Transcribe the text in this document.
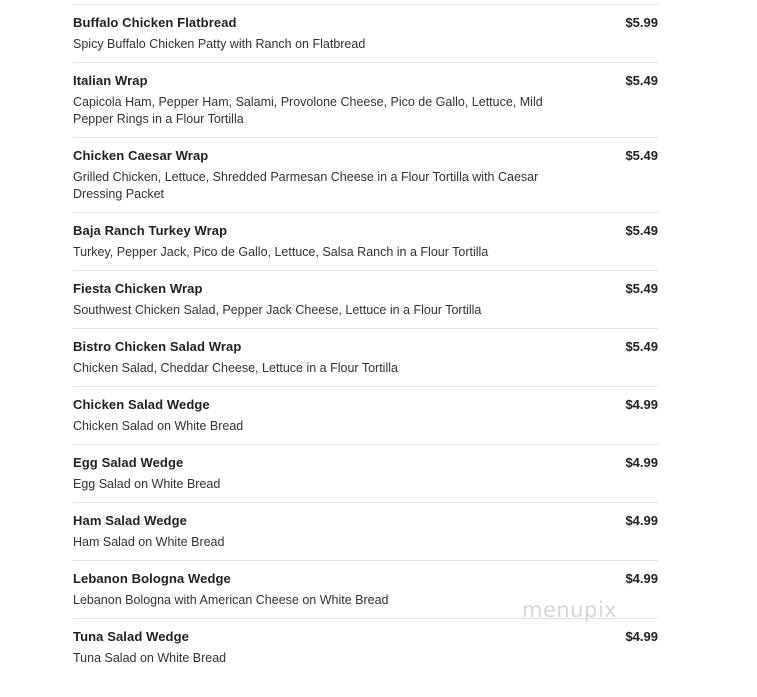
Buffalo Chicken Flatbread	$5.99
Spicy Buffalo Chicken Patty with Ranch on Flatbread
Italian Wrap	$5.49
Capicola Ham, Pepper Ham, Salami, Provolone Cheese, Pico de Gallo, Lettuce, Mild Pepper Rings in a Flour Tortilla
Chicken Caesar Wrap	$5.49
Grilled Chicken, Lettuce, Shredded Parmesan Cheese in a Flour Tortilla with Caesar Dressing Packet
Baja Ranch Turkey Wrap	$5.49
Turkey, Pepper Jack, Pico de Gallo, Lettuce, Salsa Ranch in a Flour Tortilla
Fiesta Chicken Wrap	$5.49
Southwest Chicken Salad, Pepper Jack Cheese, Lettuce in a Flour Tortilla
Bistro Chicken Salad Wrap	$5.49
Chicken Salad, Cheddar Cheese, Lettuce in a Flour Tortilla
Chicken Salad Wedge	$4.99
Chicken Salad on White Bread
Egg Salad Wedge	$4.99
Egg Salad on White Bread
Ham Salad Wedge	$4.99
Ham Salad on White Bread
Lebanon Bologna Wedge	$4.99
Lebanon Bologna with American Cheese on White Bread
Tuna Salad Wedge	$4.99
Tuna Salad on White Bread
menupix
